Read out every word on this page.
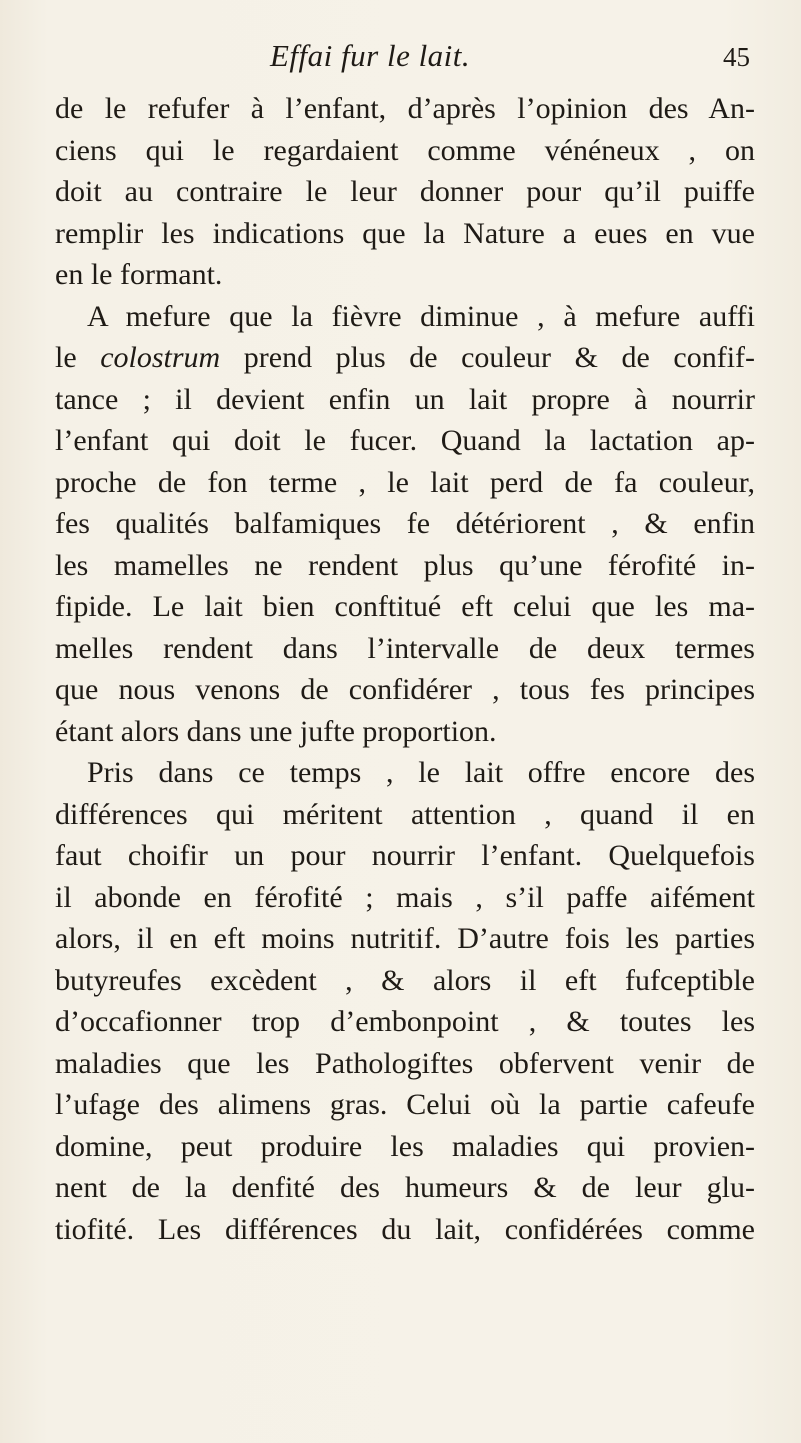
Effai fur le lait.	45
de le refufer à l’enfant, d’après l’opinion des An-
ciens qui le regardaient comme vénéneux , on
doit au contraire le leur donner pour qu’il puiffe
remplir les indications que la Nature a eues en vue
en le formant.
A mefure que la fièvre diminue , à mefure auffi
le colostrum prend plus de couleur & de confif-
tance ; il devient enfin un lait propre à nourrir
l’enfant qui doit le fucer. Quand la lactation ap-
proche de fon terme , le lait perd de fa couleur,
fes qualités balfamiques fe détériorent , & enfin
les mamelles ne rendent plus qu’une férofité in-
fipide. Le lait bien conftitué eft celui que les ma-
melles rendent dans l’intervalle de deux termes
que nous venons de confidérer , tous fes principes
étant alors dans une jufte proportion.
Pris dans ce temps , le lait offre encore des
différences qui méritent attention , quand il en
faut choifir un pour nourrir l’enfant. Quelquefois
il abonde en férofité ; mais , s’il paffe aifément
alors, il en eft moins nutritif. D’autre fois les parties
butyreufes excèdent , & alors il eft fufceptible
d’occafionner trop d’embonpoint , & toutes les
maladies que les Pathologiftes obfervent venir de
l’ufage des alimens gras. Celui où la partie cafeufe
domine, peut produire les maladies qui provien-
nent de la denfité des humeurs & de leur glu-
tiofité. Les différences du lait, confidérées comme
